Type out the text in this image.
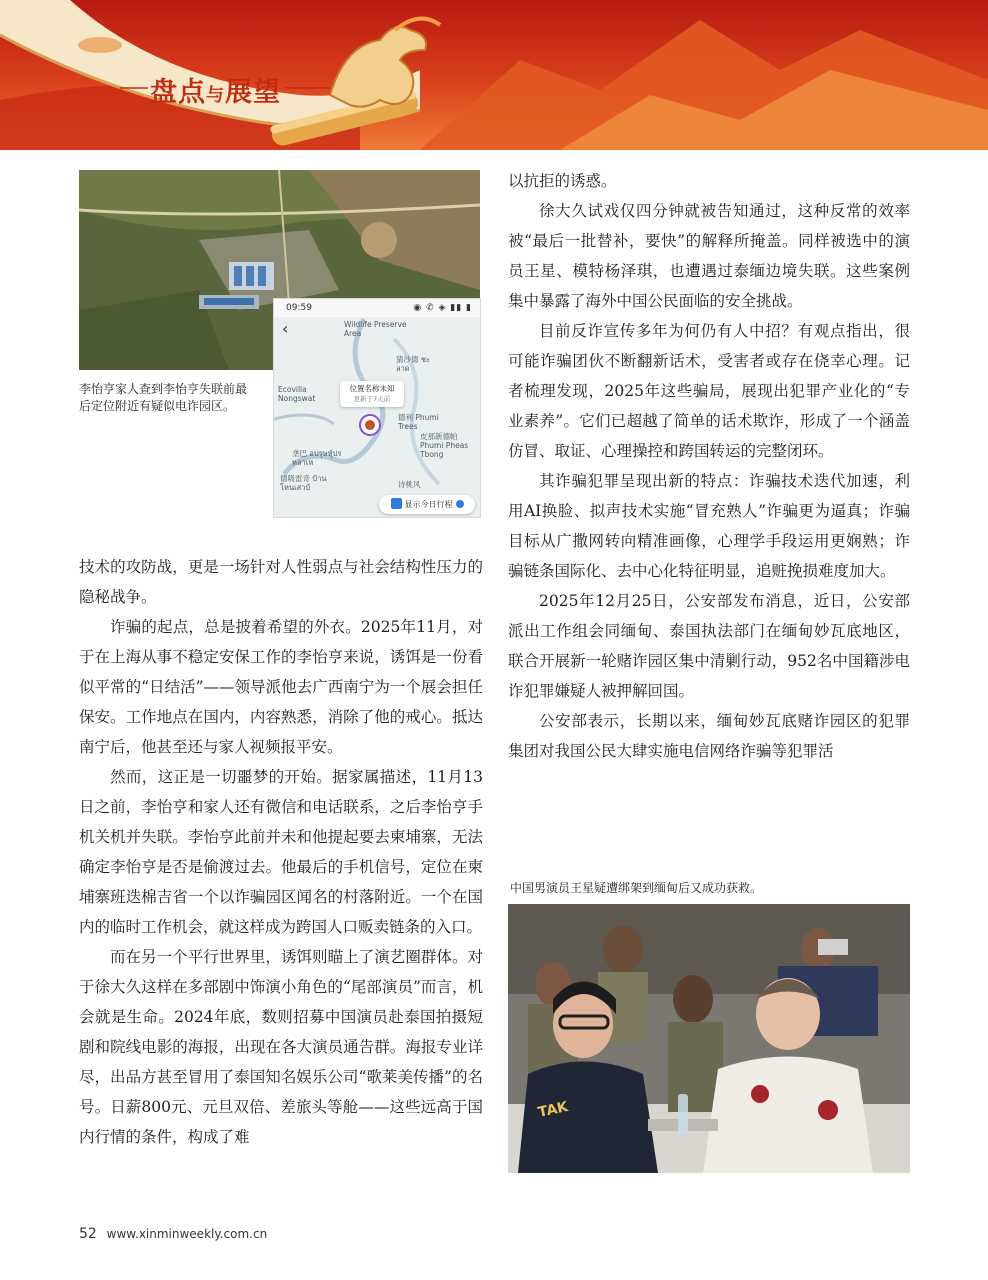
盘点与展望
李怡亨家人查到李怡亨失联前最后定位附近有疑似电诈园区。
09:59	◉ ✆ ◈ ▮▮ ▮
‹	Wildlife Preserve Area
猜沙德 ชะลาด
Ecovilla Nongswat
德利 Phumi Trees
皮那新德帕 Phumi Pheas Tbong
垄巴 อปรุษหุ์ปรหลาเห
德吸雷奇 บ้านโหนเสาบ้	诗桃风
位置名称未知
更新于7天前
显示今日行程

技术的攻防战，更是一场针对人性弱点与社会结构性压力的隐秘战争。

诈骗的起点，总是披着希望的外衣。2025年11月，对于在上海从事不稳定安保工作的李怡亨来说，诱饵是一份看似平常的“日结活”——领导派他去广西南宁为一个展会担任保安。工作地点在国内，内容熟悉，消除了他的戒心。抵达南宁后，他甚至还与家人视频报平安。

然而，这正是一切噩梦的开始。据家属描述，11月13日之前，李怡亨和家人还有微信和电话联系，之后李怡亨手机关机并失联。李怡亨此前并未和他提起要去柬埔寨，无法确定李怡亨是否是偷渡过去。他最后的手机信号，定位在柬埔寨班迭棉吉省一个以诈骗园区闻名的村落附近。一个在国内的临时工作机会，就这样成为跨国人口贩卖链条的入口。

而在另一个平行世界里，诱饵则瞄上了演艺圈群体。对于徐大久这样在多部剧中饰演小角色的“尾部演员”而言，机会就是生命。2024年底，数则招募中国演员赴泰国拍摄短剧和院线电影的海报，出现在各大演员通告群。海报专业详尽，出品方甚至冒用了泰国知名娱乐公司“歌莱美传播”的名号。日薪800元、元旦双倍、差旅头等舱——这些远高于国内行情的条件，构成了难

以抗拒的诱惑。

徐大久试戏仅四分钟就被告知通过，这种反常的效率被“最后一批替补，要快”的解释所掩盖。同样被选中的演员王星、模特杨泽琪，也遭遇过泰缅边境失联。这些案例集中暴露了海外中国公民面临的安全挑战。

目前反诈宣传多年为何仍有人中招？有观点指出，很可能诈骗团伙不断翻新话术，受害者或存在侥幸心理。记者梳理发现，2025年这些骗局，展现出犯罪产业化的“专业素养”。它们已超越了简单的话术欺诈，形成了一个涵盖仿冒、取证、心理操控和跨国转运的完整闭环。

其诈骗犯罪呈现出新的特点：诈骗技术迭代加速，利用AI换脸、拟声技术实施“冒充熟人”诈骗更为逼真；诈骗目标从广撒网转向精准画像，心理学手段运用更娴熟；诈骗链条国际化、去中心化特征明显，追赃挽损难度加大。

2025年12月25日，公安部发布消息，近日，公安部派出工作组会同缅甸、泰国执法部门在缅甸妙瓦底地区，联合开展新一轮赌诈园区集中清剿行动，952名中国籍涉电诈犯罪嫌疑人被押解回国。

公安部表示，长期以来，缅甸妙瓦底赌诈园区的犯罪集团对我国公民大肆实施电信网络诈骗等犯罪活

中国男演员王星疑遭绑架到缅甸后又成功获救。
TAK
52 www.xinminweekly.com.cn
